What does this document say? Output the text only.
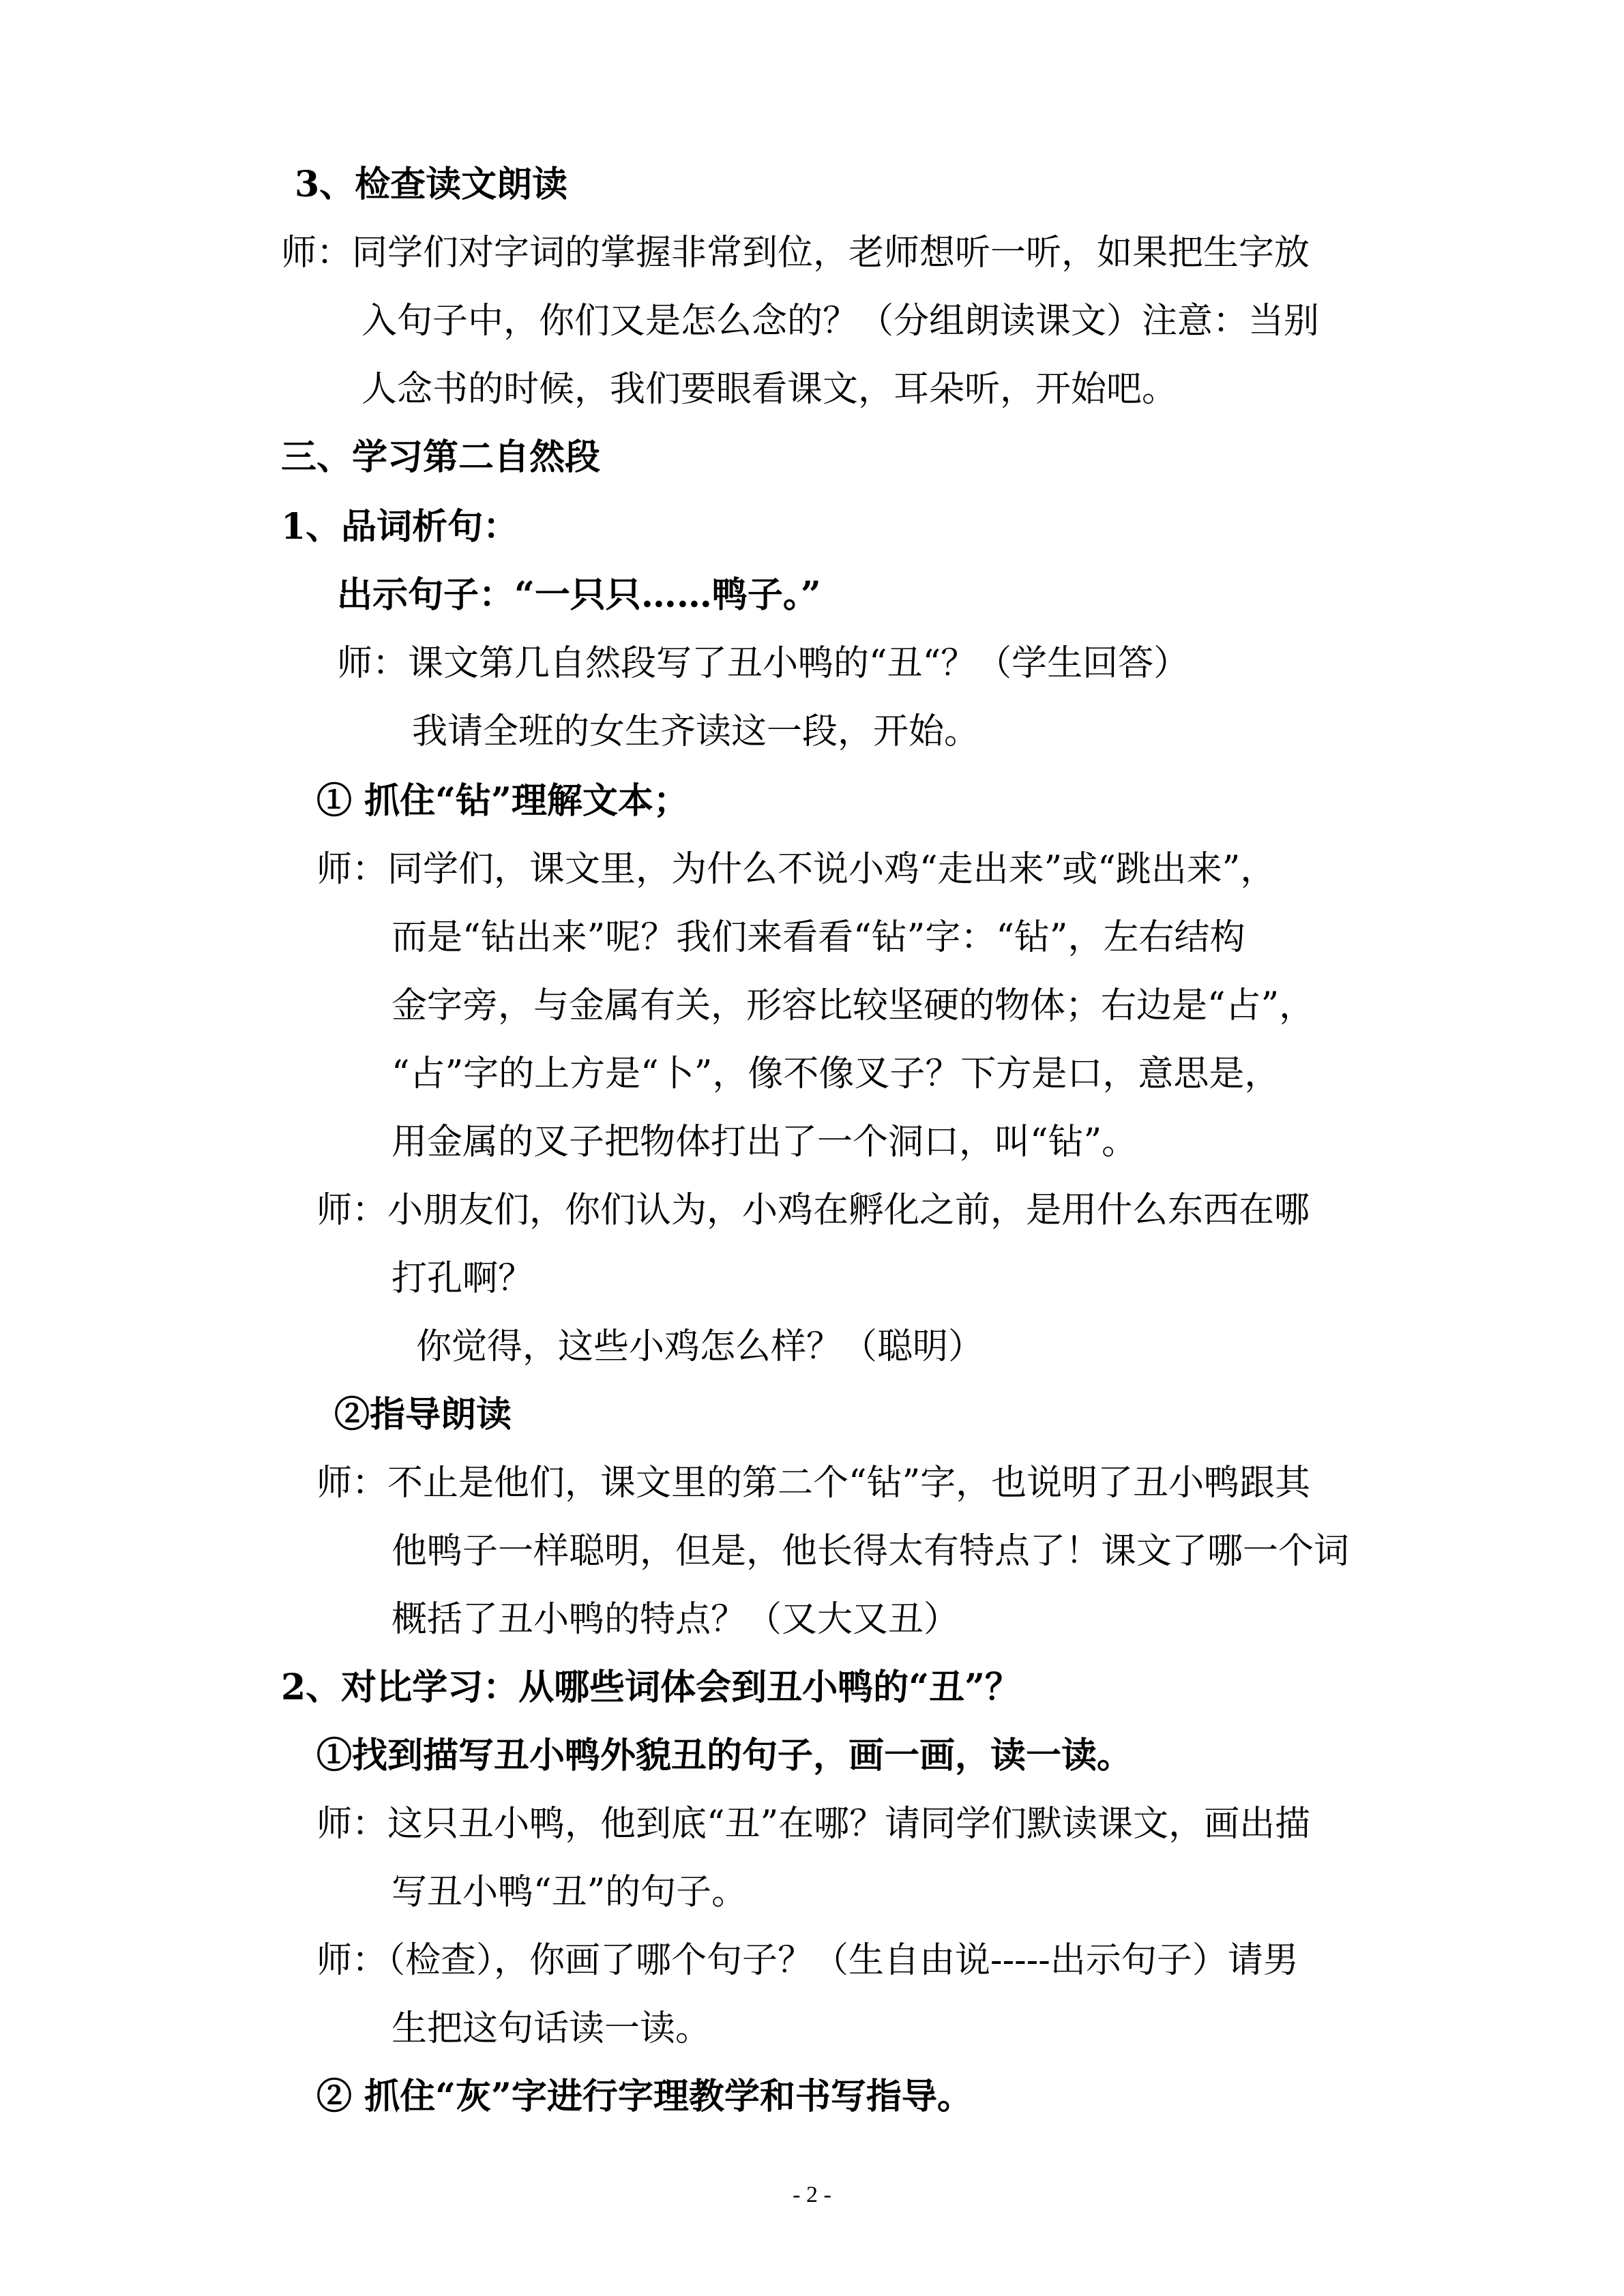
3、检查读文朗读

师：同学们对字词的掌握非常到位，老师想听一听，如果把生字放

入句子中，你们又是怎么念的？（分组朗读课文）注意：当别

人念书的时候，我们要眼看课文，耳朵听，开始吧。

三、学习第二自然段

1、品词析句：

出示句子：“一只只……鸭子。”

师：课文第几自然段写了丑小鸭的“丑“？（学生回答）

我请全班的女生齐读这一段，开始。

① 抓住“钻”理解文本；

师：同学们，课文里，为什么不说小鸡“走出来”或“跳出来”，

而是“钻出来”呢？我们来看看“钻”字：“钻”，左右结构

金字旁，与金属有关，形容比较坚硬的物体；右边是“占”，

“占”字的上方是“卜”，像不像叉子？下方是口，意思是，

用金属的叉子把物体打出了一个洞口，叫“钻”。

师：小朋友们，你们认为，小鸡在孵化之前，是用什么东西在哪

打孔啊？

你觉得，这些小鸡怎么样？（聪明）

②指导朗读

师：不止是他们，课文里的第二个“钻”字，也说明了丑小鸭跟其

他鸭子一样聪明，但是，他长得太有特点了！课文了哪一个词

概括了丑小鸭的特点？（又大又丑）

2、对比学习：从哪些词体会到丑小鸭的“丑”？

①找到描写丑小鸭外貌丑的句子，画一画，读一读。

师：这只丑小鸭，他到底“丑”在哪？请同学们默读课文，画出描

写丑小鸭“丑”的句子。

师：（检查），你画了哪个句子？（生自由说-----出示句子）请男

生把这句话读一读。

② 抓住“灰”字进行字理教学和书写指导。

- 2 -
